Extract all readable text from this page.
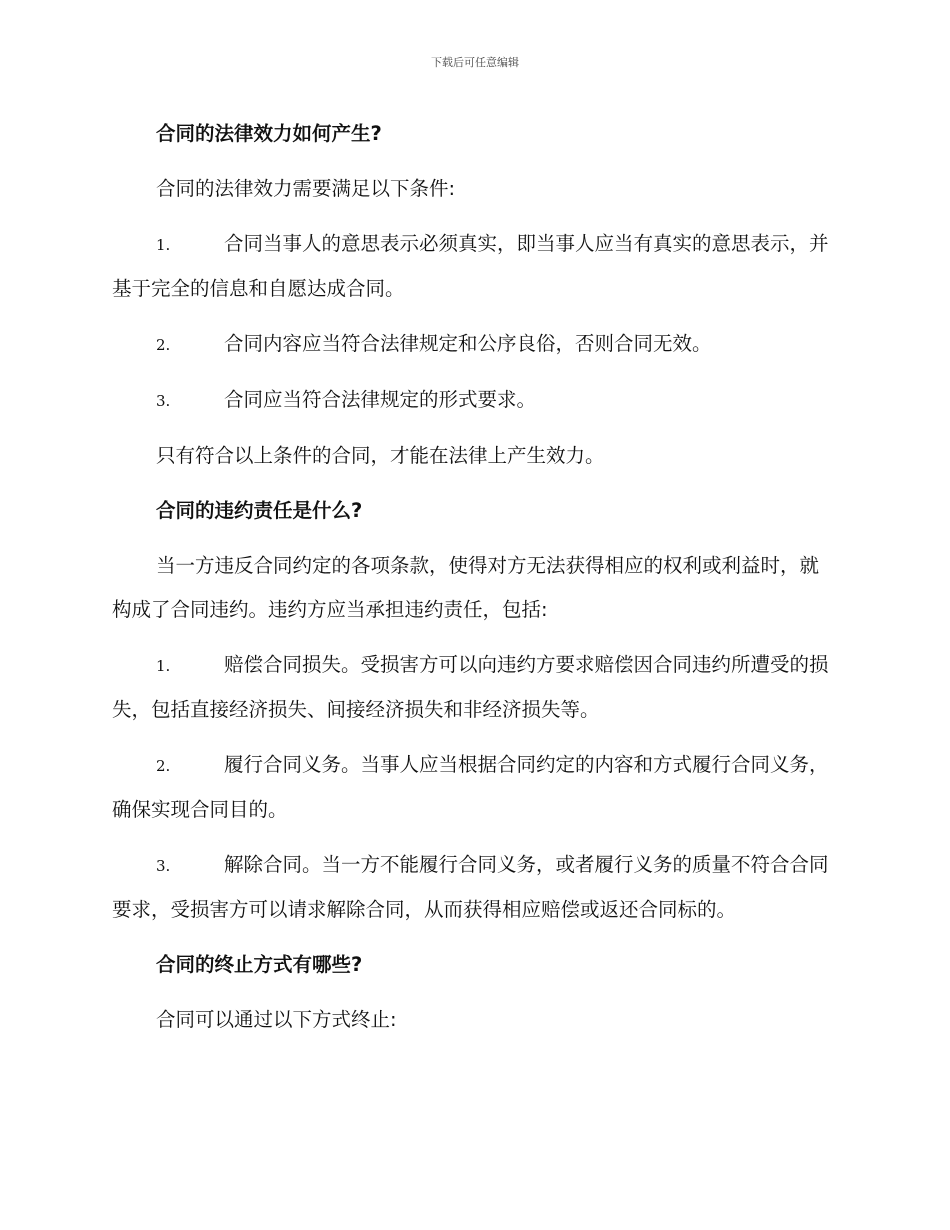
下载后可任意编辑
合同的法律效力如何产生?
合同的法律效力需要满足以下条件:
1.	合同当事人的意思表示必须真实，即当事人应当有真实的意思表示，并基于完全的信息和自愿达成合同。
2.	合同内容应当符合法律规定和公序良俗，否则合同无效。
3.	合同应当符合法律规定的形式要求。
只有符合以上条件的合同，才能在法律上产生效力。
合同的违约责任是什么?
当一方违反合同约定的各项条款，使得对方无法获得相应的权利或利益时，就构成了合同违约。违约方应当承担违约责任，包括:
1.	赔偿合同损失。受损害方可以向违约方要求赔偿因合同违约所遭受的损失，包括直接经济损失、间接经济损失和非经济损失等。
2.	履行合同义务。当事人应当根据合同约定的内容和方式履行合同义务，确保实现合同目的。
3.	解除合同。当一方不能履行合同义务，或者履行义务的质量不符合合同要求，受损害方可以请求解除合同，从而获得相应赔偿或返还合同标的。
合同的终止方式有哪些?
合同可以通过以下方式终止:
